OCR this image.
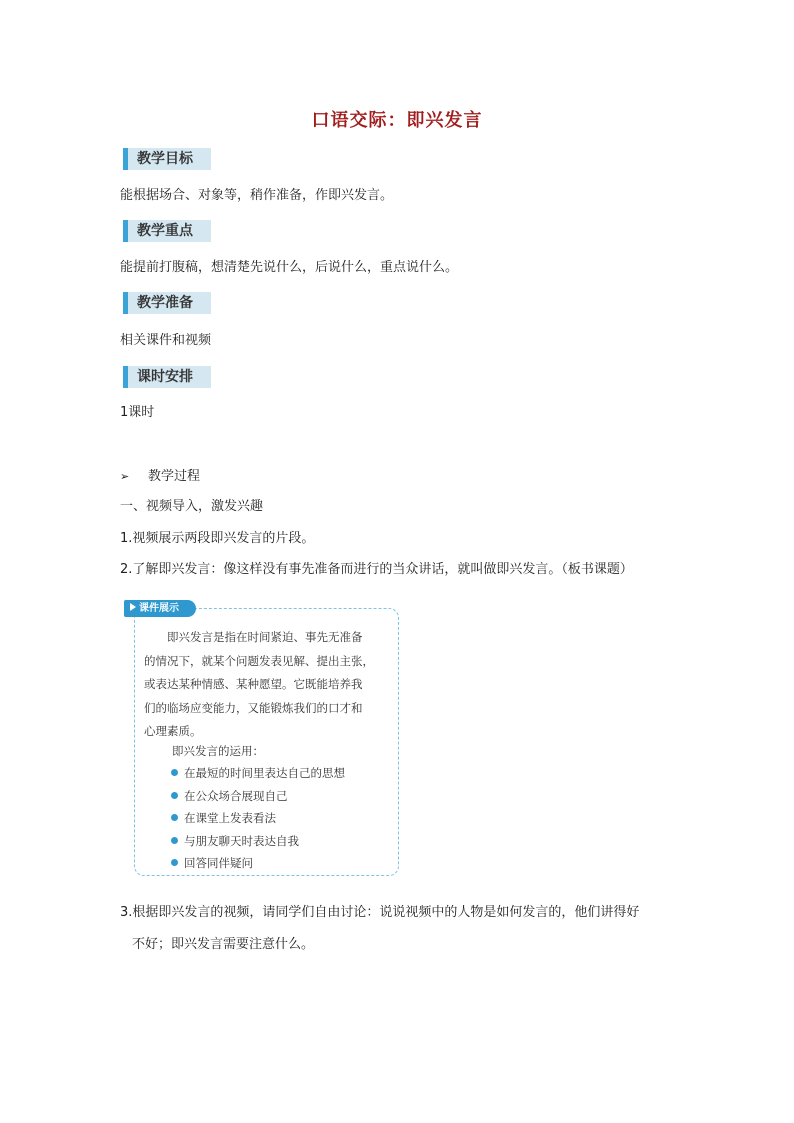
口语交际：即兴发言
教学目标
能根据场合、对象等，稍作准备，作即兴发言。
教学重点
能提前打腹稿，想清楚先说什么，后说什么，重点说什么。
教学准备
相关课件和视频
课时安排
1课时
➢ 教学过程
一、视频导入，激发兴趣
1.视频展示两段即兴发言的片段。
2.了解即兴发言：像这样没有事先准备而进行的当众讲话，就叫做即兴发言。（板书课题）
课件展示
　　即兴发言是指在时间紧迫、事先无准备
的情况下，就某个问题发表见解、提出主张，
或表达某种情感、某种愿望。它既能培养我
们的临场应变能力，又能锻炼我们的口才和
心理素质。
即兴发言的运用：
在最短的时间里表达自己的思想
在公众场合展现自己
在课堂上发表看法
与朋友聊天时表达自我
回答同伴疑问
3.根据即兴发言的视频，请同学们自由讨论：说说视频中的人物是如何发言的，他们讲得好
不好；即兴发言需要注意什么。
